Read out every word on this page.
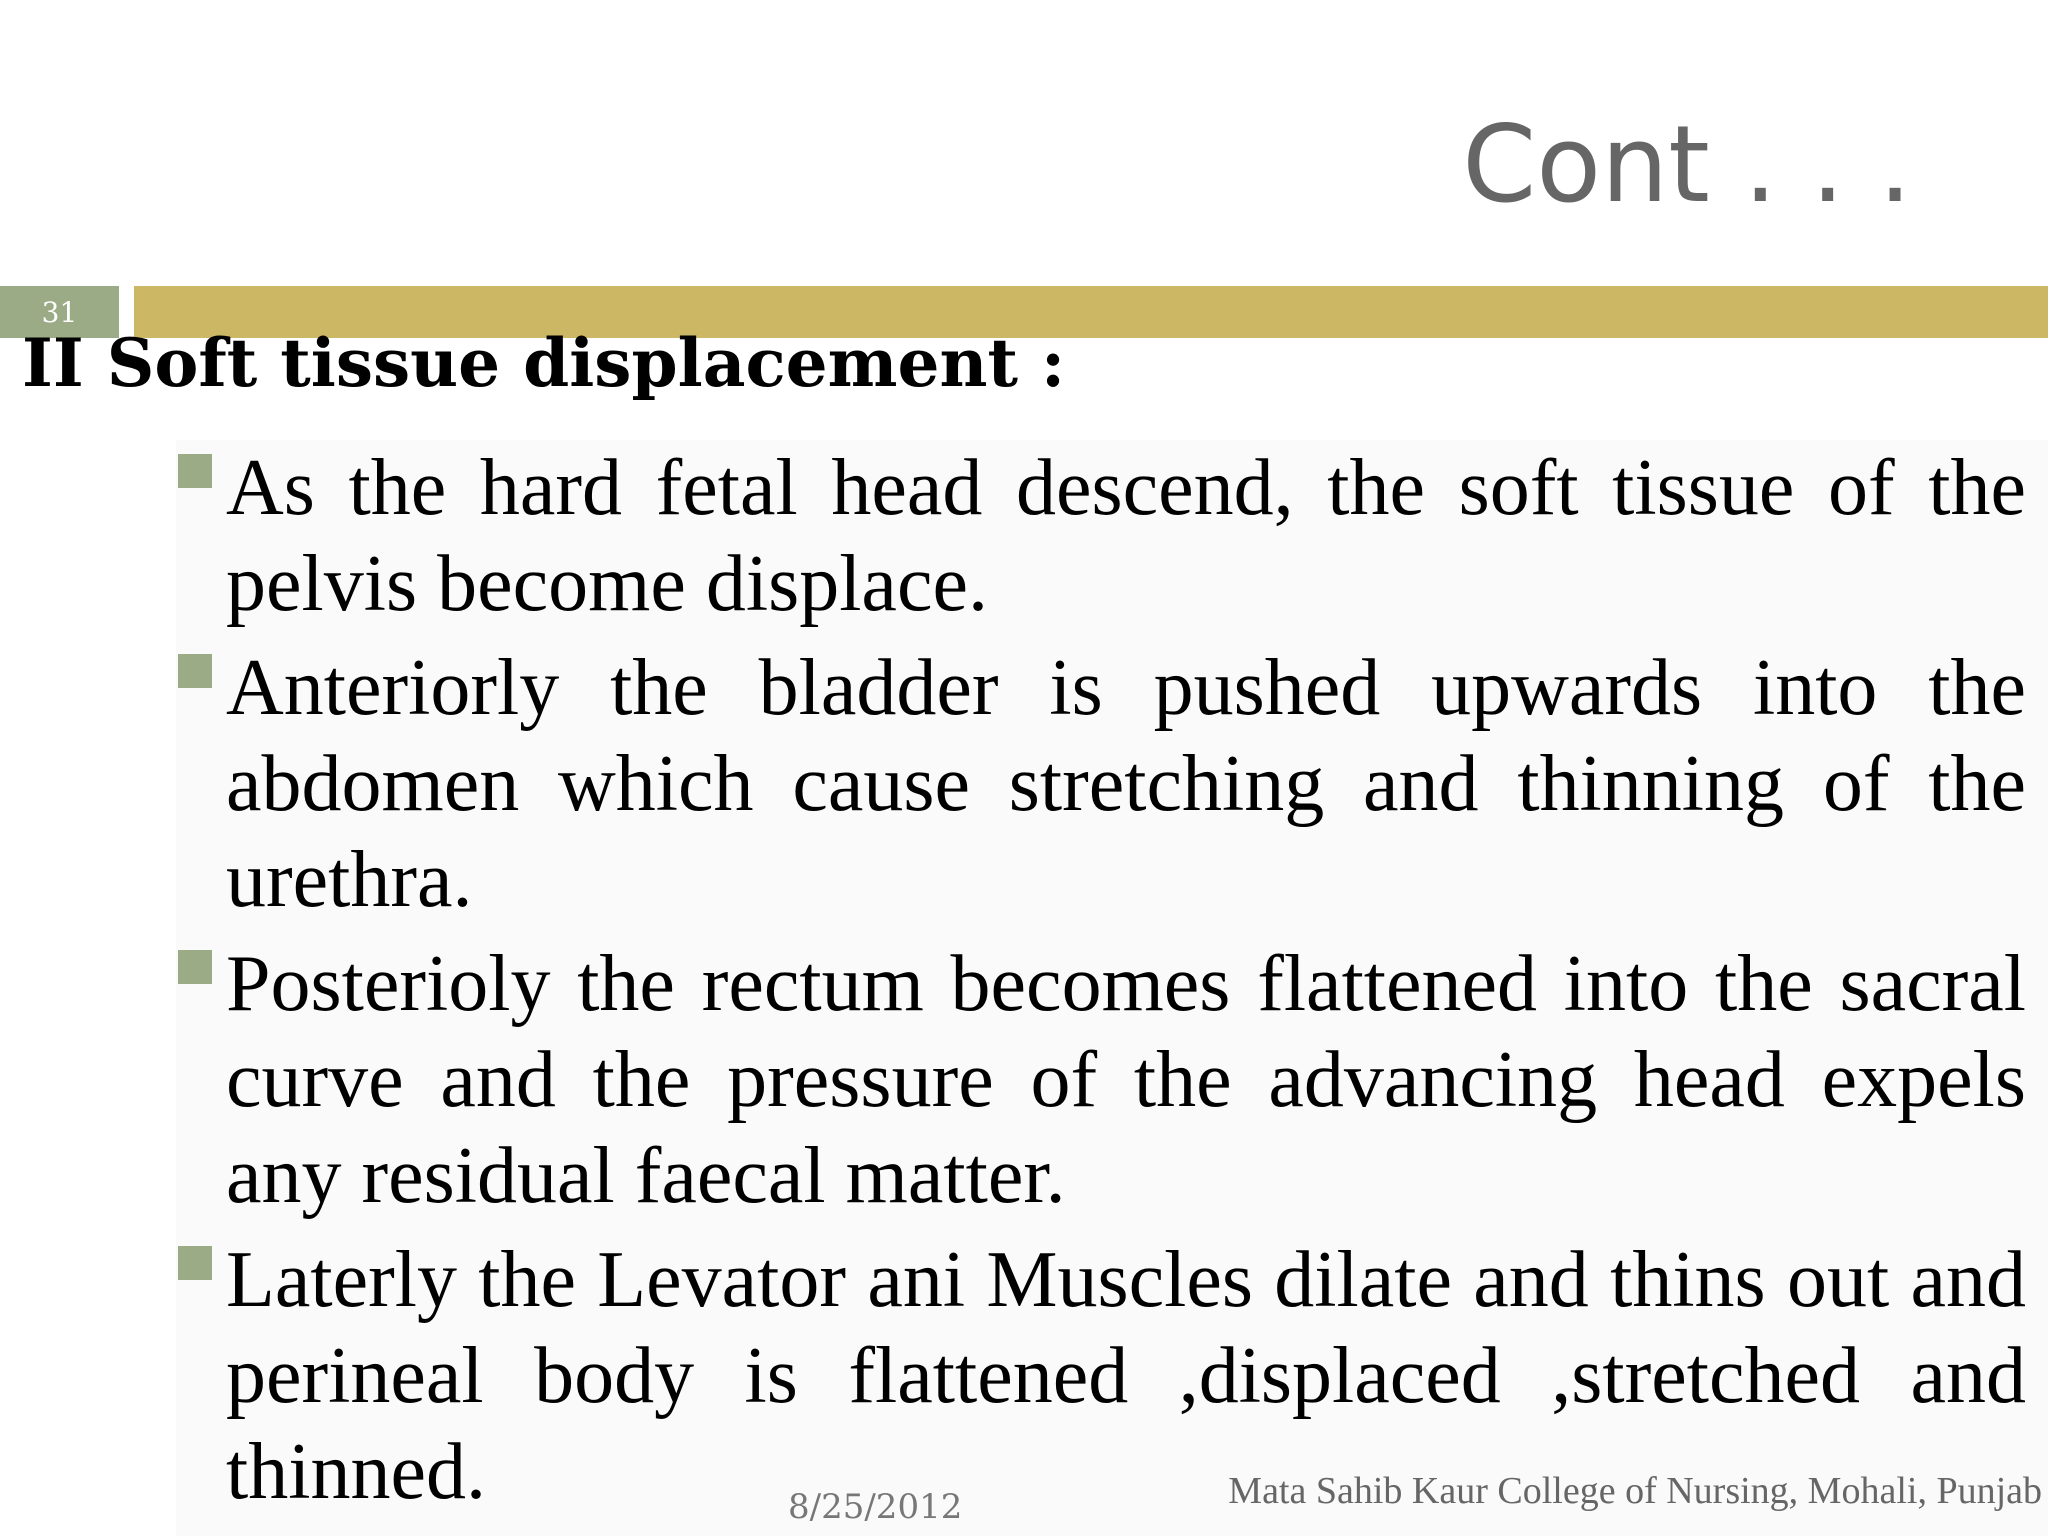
Cont . . .
31
II Soft tissue displacement :
As the hard fetal head descend, the soft tissue of the pelvis become displace.
Anteriorly the bladder is pushed upwards into the abdomen which cause stretching and thinning of the urethra.
Posterioly the rectum becomes flattened into the sacral curve and the pressure of the advancing head expels any residual faecal matter.
Laterly the Levator ani Muscles dilate and thins out and perineal body is flattened ,displaced ,stretched and thinned.	8/25/2012	Mata Sahib Kaur College of Nursing, Mohali, Punjab
